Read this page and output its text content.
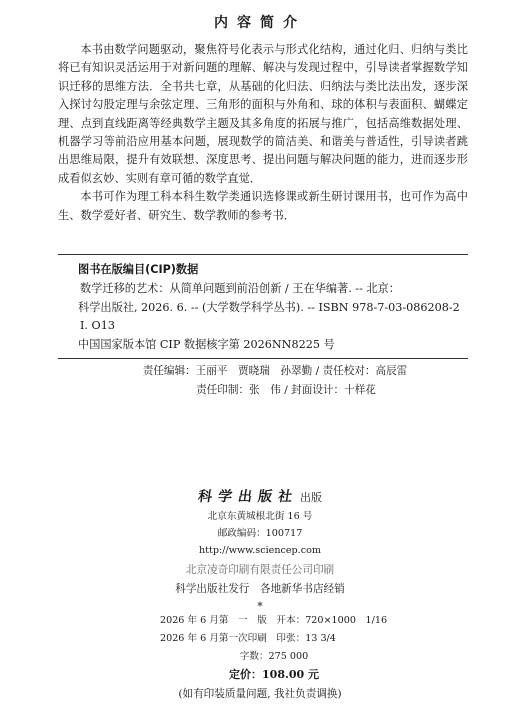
内容简介

本书由数学问题驱动，聚焦符号化表示与形式化结构，通过化归、归纳与类比将已有知识灵活运用于对新问题的理解、解决与发现过程中，引导读者掌握数学知识迁移的思维方法．全书共七章，从基础的化归法、归纳法与类比法出发，逐步深入探讨勾股定理与余弦定理、三角形的面积与外角和、球的体积与表面积、蝴蝶定理、点到直线距离等经典数学主题及其多角度的拓展与推广，包括高维数据处理、机器学习等前沿应用基本问题，展现数学的简洁美、和谐美与普适性，引导读者跳出思维局限，提升有效联想、深度思考、提出问题与解决问题的能力，进而逐步形成看似玄妙、实则有章可循的数学直觉．

本书可作为理工科本科生数学类通识选修课或新生研讨课用书，也可作为高中生、数学爱好者、研究生、数学教师的参考书．

图书在版编目(CIP)数据
数学迁移的艺术：从简单问题到前沿创新 / 王在华编著. -- 北京：
科学出版社, 2026. 6. -- (大学数学科学丛书). -- ISBN 978-7-03-086208-2
Ⅰ. O13
中国国家版本馆 CIP 数据核字第 2026NN8225 号
责任编辑：王丽平　贾晓瑞　孙翠勤 / 责任校对：高辰雷
责任印制：张　伟 / 封面设计：十样花
科学出版社出版
北京东黄城根北街 16 号
邮政编码：100717
http://www.sciencep.com
北京凌奇印刷有限责任公司印刷
科学出版社发行　各地新华书店经销
*
2026 年 6 月第　一　版　开本：720×1000　1/16
2026 年 6 月第一次印刷　印张：13 3/4
字数：275 000
定价：108.00 元
(如有印装质量问题, 我社负责调换)
